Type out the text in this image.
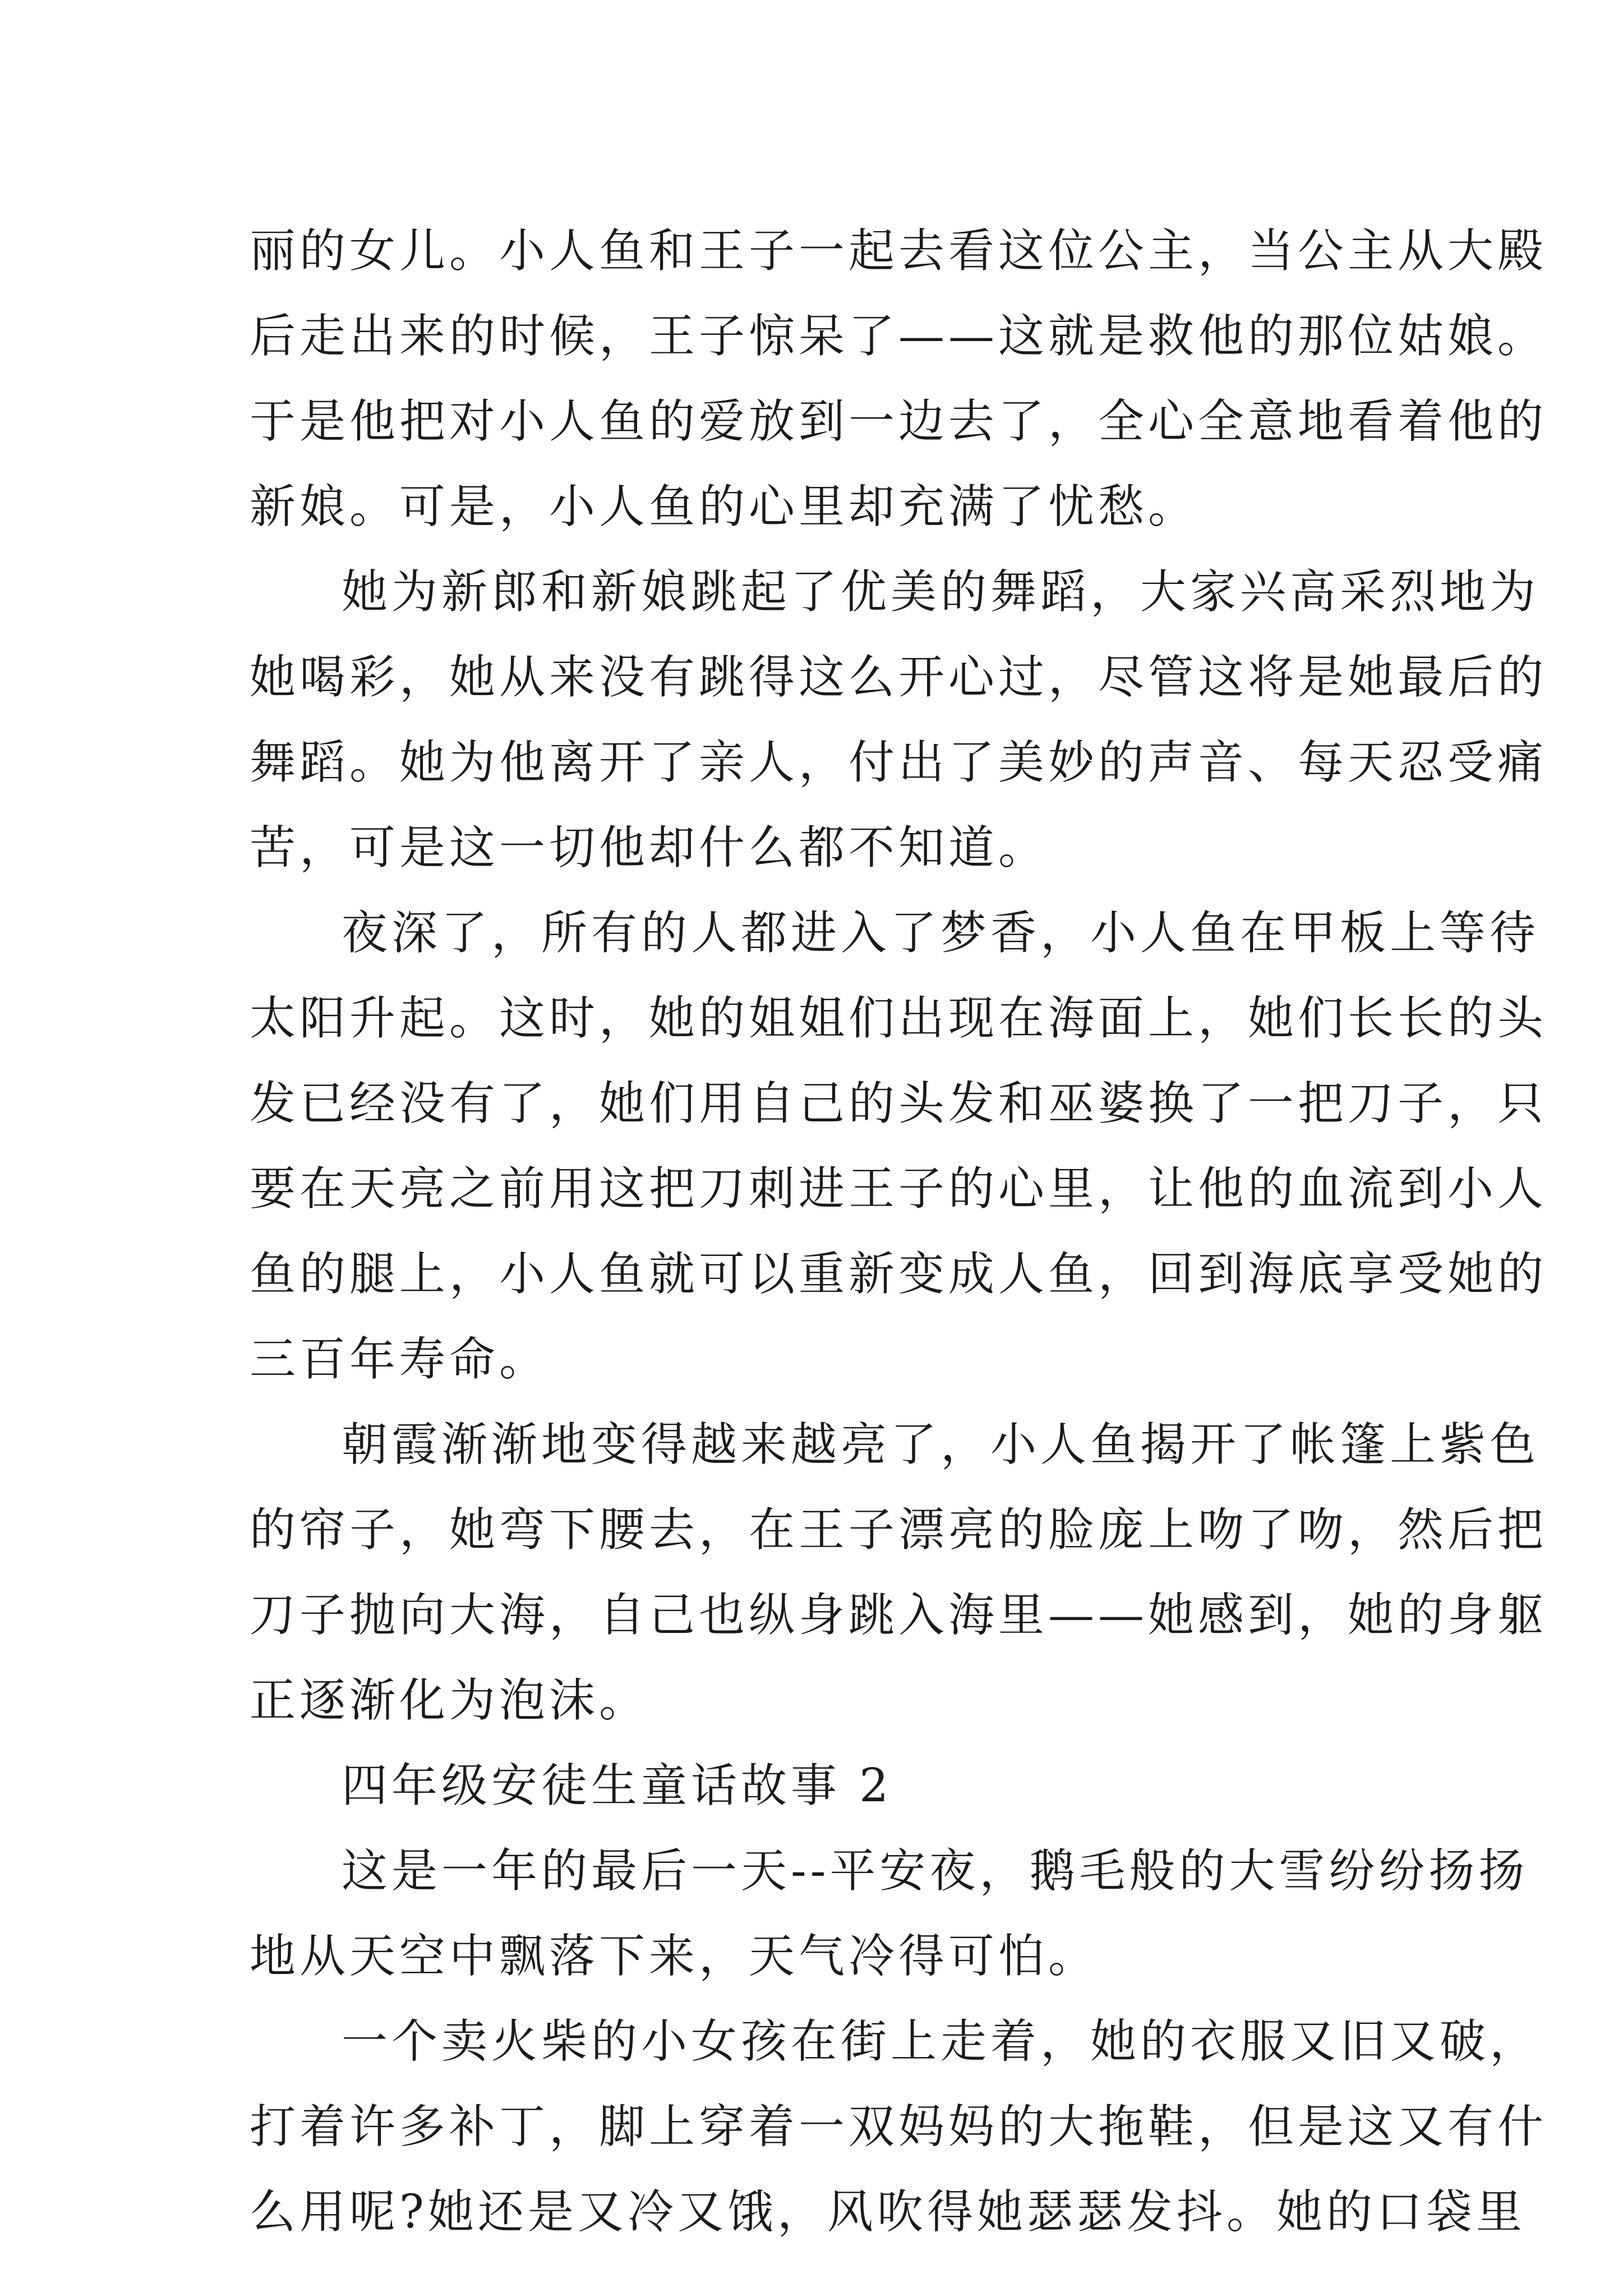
丽的女儿。小人鱼和王子一起去看这位公主，当公主从大殿
后走出来的时候，王子惊呆了——这就是救他的那位姑娘。
于是他把对小人鱼的爱放到一边去了，全心全意地看着他的
新娘。可是，小人鱼的心里却充满了忧愁。
她为新郎和新娘跳起了优美的舞蹈，大家兴高采烈地为
她喝彩，她从来没有跳得这么开心过，尽管这将是她最后的
舞蹈。她为他离开了亲人，付出了美妙的声音、每天忍受痛
苦，可是这一切他却什么都不知道。
夜深了，所有的人都进入了梦香，小人鱼在甲板上等待
太阳升起。这时，她的姐姐们出现在海面上，她们长长的头
发已经没有了，她们用自己的头发和巫婆换了一把刀子，只
要在天亮之前用这把刀刺进王子的心里，让他的血流到小人
鱼的腿上，小人鱼就可以重新变成人鱼，回到海底享受她的
三百年寿命。
朝霞渐渐地变得越来越亮了，小人鱼揭开了帐篷上紫色
的帘子，她弯下腰去，在王子漂亮的脸庞上吻了吻，然后把
刀子抛向大海，自己也纵身跳入海里——她感到，她的身躯
正逐渐化为泡沫。
四年级安徒生童话故事 2
这是一年的最后一天--平安夜，鹅毛般的大雪纷纷扬扬
地从天空中飘落下来，天气冷得可怕。
一个卖火柴的小女孩在街上走着，她的衣服又旧又破，
打着许多补丁，脚上穿着一双妈妈的大拖鞋，但是这又有什
么用呢?她还是又冷又饿，风吹得她瑟瑟发抖。她的口袋里
